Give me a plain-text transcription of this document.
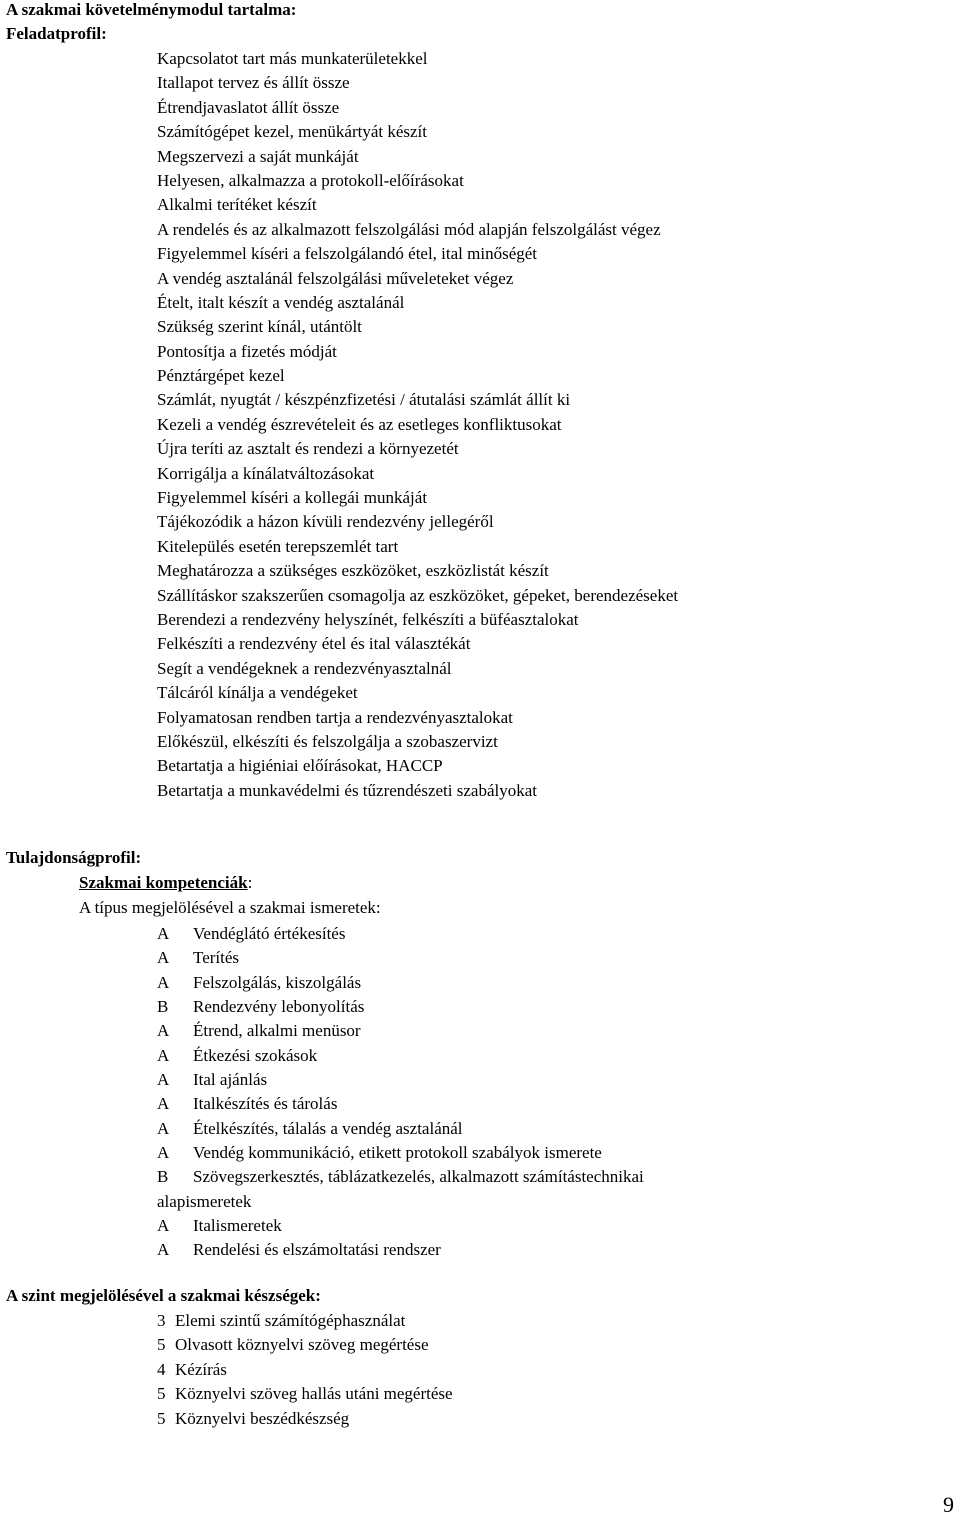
A szakmai követelménymodul tartalma:
Feladatprofil:
Kapcsolatot tart más munkaterületekkel
Itallapot tervez és állít össze
Étrendjavaslatot állít össze
Számítógépet kezel, menükártyát készít
Megszervezi a saját munkáját
Helyesen, alkalmazza a protokoll-előírásokat
Alkalmi terítéket készít
A rendelés és az alkalmazott felszolgálási mód alapján felszolgálást végez
Figyelemmel kíséri a felszolgálandó étel, ital minőségét
A vendég asztalánál felszolgálási műveleteket végez
Ételt, italt készít a vendég asztalánál
Szükség szerint kínál, utántölt
Pontosítja a fizetés módját
Pénztárgépet kezel
Számlát, nyugtát / készpénzfizetési / átutalási számlát állít ki
Kezeli a vendég észrevételeit és az esetleges konfliktusokat
Újra teríti az asztalt és rendezi a környezetét
Korrigálja a kínálatváltozásokat
Figyelemmel kíséri a kollegái munkáját
Tájékozódik a házon kívüli rendezvény jellegéről
Kitelepülés esetén terepszemlét tart
Meghatározza a szükséges eszközöket, eszközlistát készít
Szállításkor szakszerűen csomagolja az eszközöket, gépeket, berendezéseket
Berendezi a rendezvény helyszínét, felkészíti a büféasztalokat
Felkészíti a rendezvény étel és ital választékát
Segít a vendégeknek a rendezvényasztalnál
Tálcáról kínálja a vendégeket
Folyamatosan rendben tartja a rendezvényasztalokat
Előkészül, elkészíti és felszolgálja a szobaszervizt
Betartatja a higiéniai előírásokat, HACCP
Betartatja a munkavédelmi és tűzrendészeti szabályokat
Tulajdonságprofil:
Szakmai kompetenciák:
A típus megjelölésével a szakmai ismeretek:
A Vendéglátó értékesítés
A Terítés
A Felszolgálás, kiszolgálás
B Rendezvény lebonyolítás
A Étrend, alkalmi menüsor
A Étkezési szokások
A Ital ajánlás
A Italkészítés és tárolás
A Ételkészítés, tálalás a vendég asztalánál
A Vendég kommunikáció, etikett protokoll szabályok ismerete
B Szövegszerkesztés, táblázatkezelés, alkalmazott számítástechnikai
alapismeretek
A Italismeretek
A Rendelési és elszámoltatási rendszer
A szint megjelölésével a szakmai készségek:
3 Elemi szintű számítógéphasználat
5 Olvasott köznyelvi szöveg megértése
4 Kézírás
5 Köznyelvi szöveg hallás utáni megértése
5 Köznyelvi beszédkészség
9
